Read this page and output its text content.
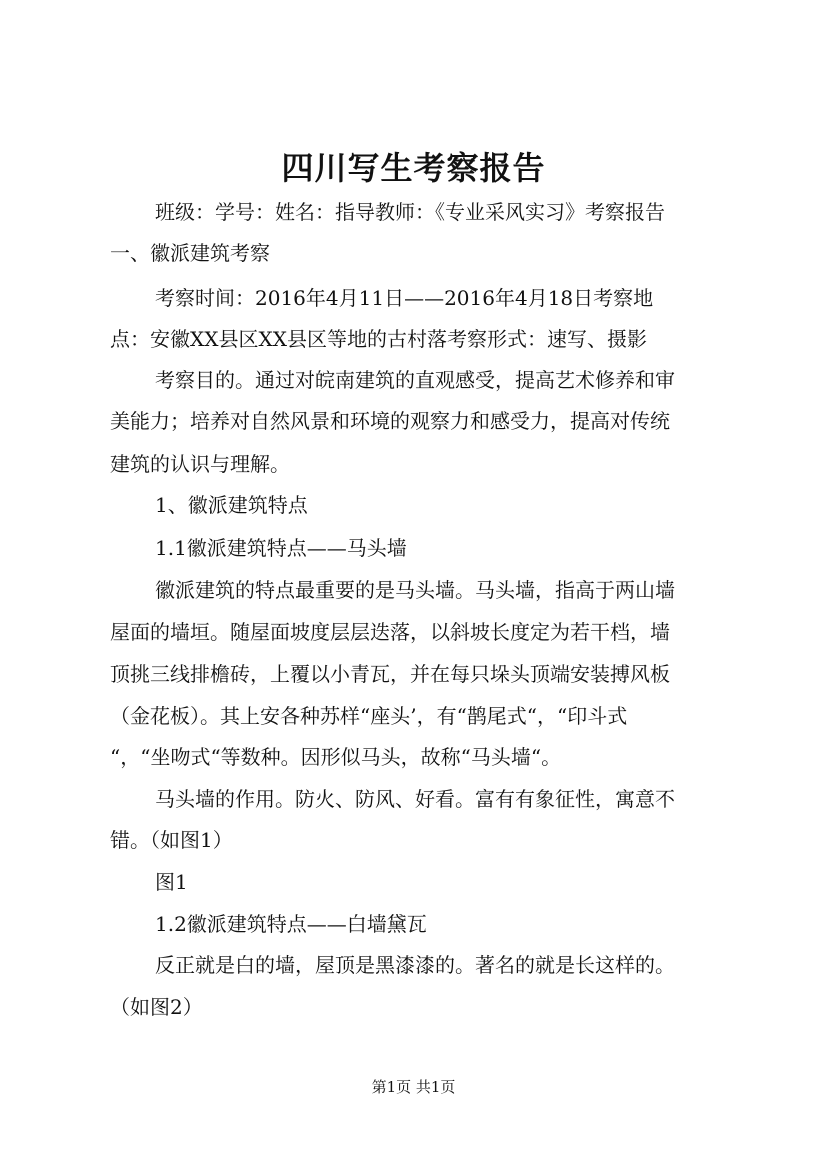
四川写生考察报告
班级：学号：姓名：指导教师：《专业采风实习》考察报告
一、徽派建筑考察
考察时间：2016年4月11日——2016年4月18日考察地
点：安徽XX县区XX县区等地的古村落考察形式：速写、摄影
考察目的。通过对皖南建筑的直观感受，提高艺术修养和审
美能力；培养对自然风景和环境的观察力和感受力，提高对传统
建筑的认识与理解。
1、徽派建筑特点
1.1徽派建筑特点——马头墙
徽派建筑的特点最重要的是马头墙。马头墙，指高于两山墙
屋面的墙垣。随屋面坡度层层迭落，以斜坡长度定为若干档，墙
顶挑三线排檐砖，上覆以小青瓦，并在每只垛头顶端安装搏风板
（金花板）。其上安各种苏样“座头’，有“鹊尾式“，“印斗式
“，“坐吻式“等数种。因形似马头，故称“马头墙“。
马头墙的作用。防火、防风、好看。富有有象征性，寓意不
错。（如图1）
图1
1.2徽派建筑特点——白墙黛瓦
反正就是白的墙，屋顶是黑漆漆的。著名的就是长这样的。
（如图2）
第1页 共1页
